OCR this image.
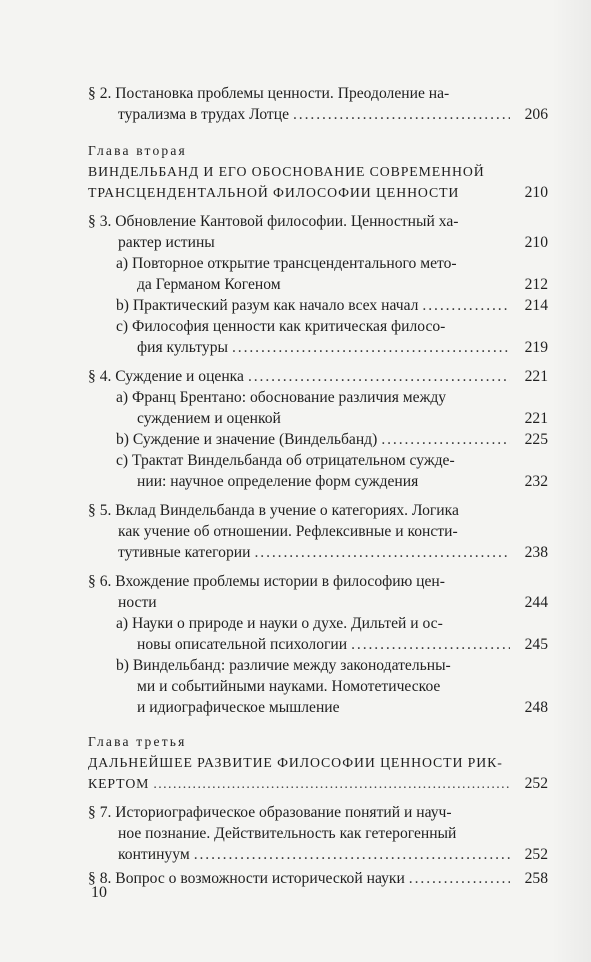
§ 2. Постановка проблемы ценности. Преодоление на-
турализма в трудах Лотце . . .	206
Глава вторая
ВИНДЕЛЬБАНД И ЕГО ОБОСНОВАНИЕ СОВРЕМЕННОЙ
ТРАНСЦЕНДЕНТАЛЬНОЙ ФИЛОСОФИИ ЦЕННОСТИ	210
§ 3. Обновление Кантовой философии. Ценностный ха-
рактер истины	210
а) Повторное открытие трансцендентального мето-
да Германом Когеном	212
b) Практический разум как начало всех начал . . .	214
c) Философия ценности как критическая филосо-
фия культуры . . .	219
§ 4. Суждение и оценка . . .	221
а) Франц Брентано: обоснование различия между
суждением и оценкой	221
b) Суждение и значение (Виндельбанд) . . .	225
c) Трактат Виндельбанда об отрицательном сужде-
нии: научное определение форм суждения	232
§ 5. Вклад Виндельбанда в учение о категориях. Логика
как учение об отношении. Рефлексивные и консти-
тутивные категории . . .	238
§ 6. Вхождение проблемы истории в философию цен-
ности	244
а) Науки о природе и науки о духе. Дильтей и ос-
новы описательной психологии . . .	245
b) Виндельбанд: различие между законодательны-
ми и событийными науками. Номотетическое
и идиографическое мышление	248
Глава третья
ДАЛЬНЕЙШЕЕ РАЗВИТИЕ ФИЛОСОФИИ ЦЕННОСТИ РИК-
КЕРТОМ . . .	252
§ 7. Историографическое образование понятий и науч-
ное познание. Действительность как гетерогенный
континуум . . .	252
§ 8. Вопрос о возможности исторической науки . . .	258
10
